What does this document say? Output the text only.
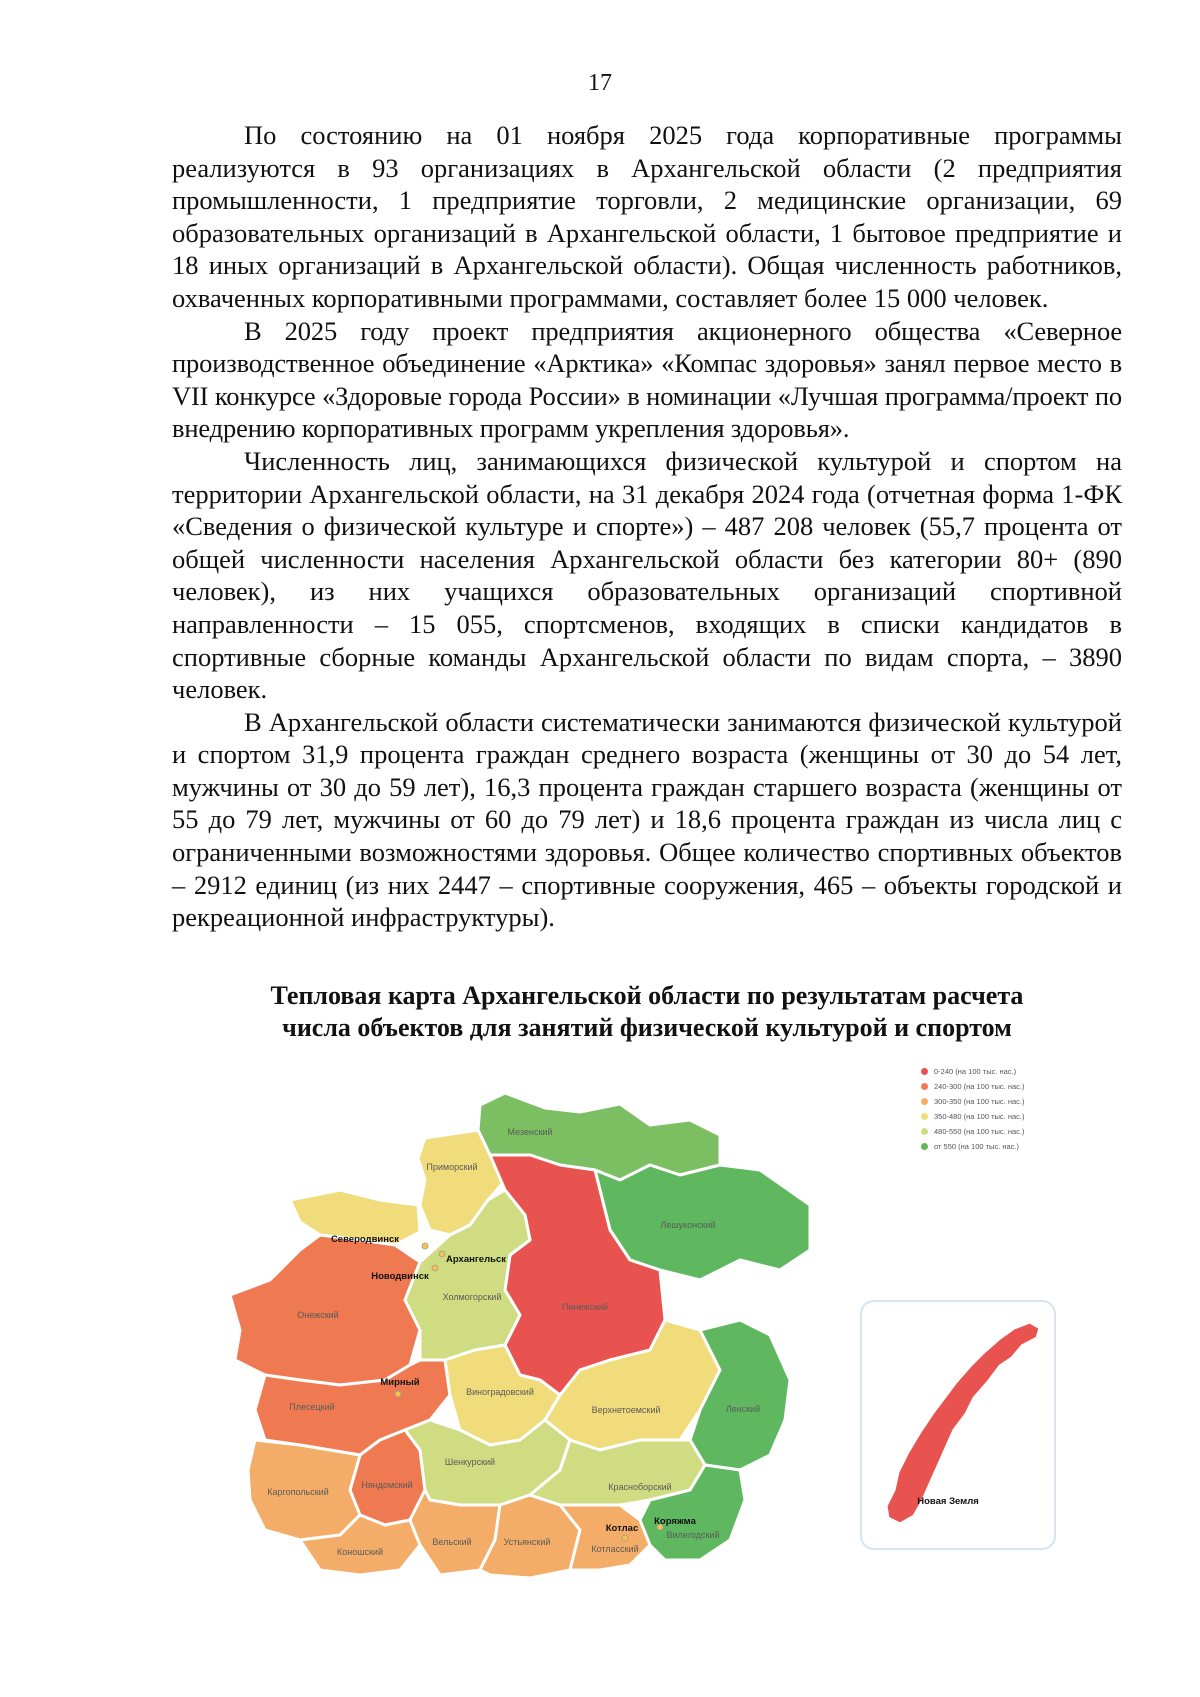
17

По состоянию на 01 ноября 2025 года корпоративные программы реализуются в 93 организациях в Архангельской области (2 предприятия промышленности, 1 предприятие торговли, 2 медицинские организации, 69 образовательных организаций в Архангельской области, 1 бытовое предприятие и 18 иных организаций в Архангельской области). Общая численность работников, охваченных корпоративными программами, составляет более 15 000 человек.

В 2025 году проект предприятия акционерного общества «Северное производственное объединение «Арктика» «Компас здоровья» занял первое место в VII конкурсе «Здоровые города России» в номинации «Лучшая программа/проект по внедрению корпоративных программ укрепления здоровья».

Численность лиц, занимающихся физической культурой и спортом на территории Архангельской области, на 31 декабря 2024 года (отчетная форма 1-ФК «Сведения о физической культуре и спорте») – 487 208 человек (55,7 процента от общей численности населения Архангельской области без категории 80+ (890 человек), из них учащихся образовательных организаций спортивной направленности – 15 055, спортсменов, входящих в списки кандидатов в спортивные сборные команды Архангельской области по видам спорта, – 3890 человек.

В Архангельской области систематически занимаются физической культурой и спортом 31,9 процента граждан среднего возраста (женщины от 30 до 54 лет, мужчины от 30 до 59 лет), 16,3 процента граждан старшего возраста (женщины от 55 до 79 лет, мужчины от 60 до 79 лет) и 18,6 процента граждан из числа лиц с ограниченными возможностями здоровья. Общее количество спортивных объектов – 2912 единиц (из них 2447 – спортивные сооружения, 465 – объекты городской и рекреационной инфраструктуры).

Тепловая карта Архангельской области по результатам расчета
числа объектов для занятий физической культурой и спортом
0-240 (на 100 тыс. нас.)
240-300 (на 100 тыс. нас.)
300-350 (на 100 тыс. нас.)
350-480 (на 100 тыс. нас.)
480-550 (на 100 тыс. нас.)
от 550 (на 100 тыс. нас.)
Мезенский
Приморский
Лешуконский
Пинежский
Онежский
Холмогорский
Плесецкий
Виноградовский
Верхнетоемский	Ленский
Шенкурский
Няндомский
Каргопольский
Коношский
Вельский	Устьянский
Красноборский
Вилегодский
Котласский
Северодвинск
Архангельск
Новодвинск
Мирный
Котлас
Коряжма
Новая Земля
